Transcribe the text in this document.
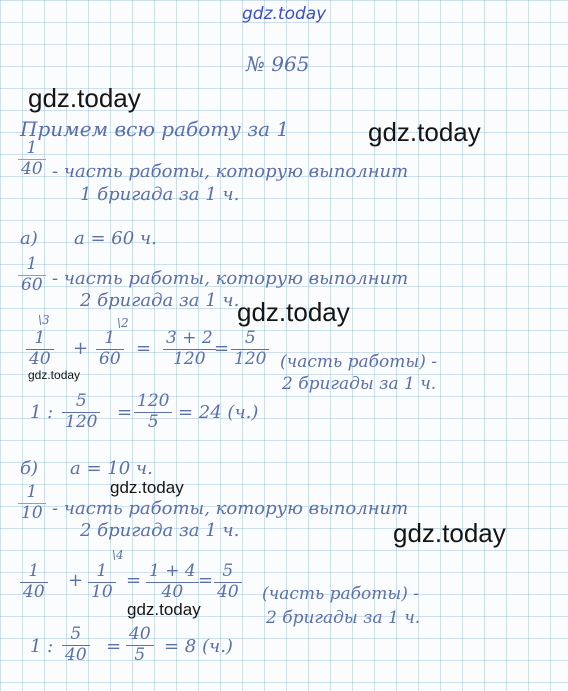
gdz.today
gdz.today
gdz.today
gdz.today
gdz.today
gdz.today
gdz.today
gdz.today
№ 965
Примем всю работу за 1
1
40 - часть работы, которую выполнит
1 бригада за 1 ч.
а) a = 60 ч.
1
60 - часть работы, которую выполнит
2 бригада за 1 ч.
\3	\2
1
40 + 1
60 = 3 + 2
120 = 5
120 (часть работы) -
2 бригады за 1 ч.
1 :
5
120 =
120
5 = 24 (ч.)
б) a = 10 ч.
1
10 - часть работы, которую выполнит
2 бригада за 1 ч.
\4
1
40
+ 1
10
= 1 + 4
40
= 5
40 (часть работы) -
2 бригады за 1 ч.
1 :
5
40 =
40
5 = 8 (ч.)
